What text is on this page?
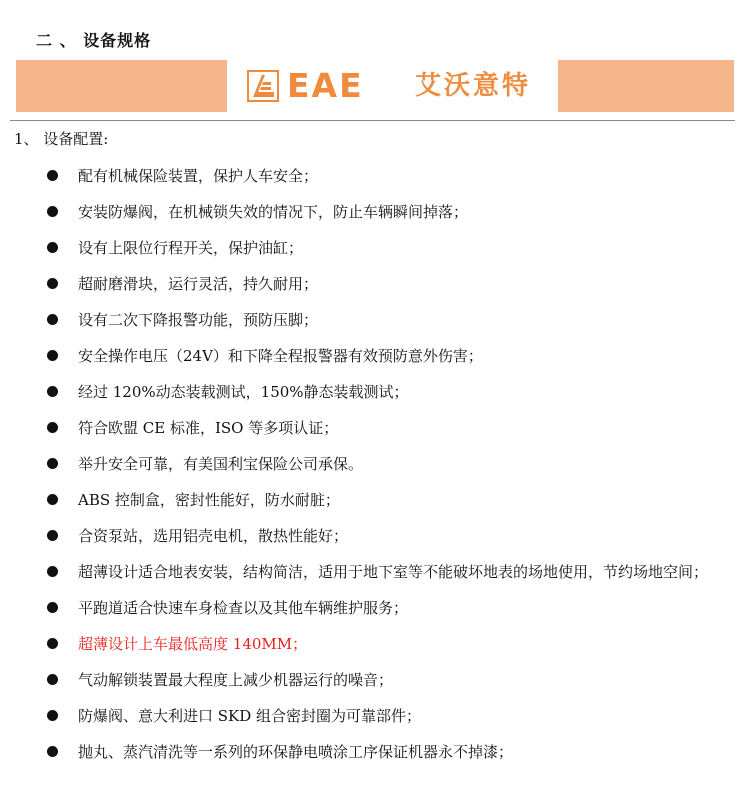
二 、 设备规格
EAE 艾沃意特
1、 设备配置:
配有机械保险装置，保护人车安全；
安装防爆阀，在机械锁失效的情况下，防止车辆瞬间掉落；
设有上限位行程开关，保护油缸；
超耐磨滑块，运行灵活，持久耐用；
设有二次下降报警功能，预防压脚；
安全操作电压（24V）和下降全程报警器有效预防意外伤害；
经过 120%动态装载测试，150%静态装载测试；
符合欧盟 CE 标准，ISO 等多项认证；
举升安全可靠，有美国利宝保险公司承保。
ABS 控制盒，密封性能好，防水耐脏；
合资泵站，选用铝壳电机，散热性能好；
超薄设计适合地表安装，结构简洁，适用于地下室等不能破坏地表的场地使用，节约场地空间；
平跑道适合快速车身检查以及其他车辆维护服务；
超薄设计上车最低高度 140MM；
气动解锁装置最大程度上减少机器运行的噪音；
防爆阀、意大利进口 SKD 组合密封圈为可靠部件；
抛丸、蒸汽清洗等一系列的环保静电喷涂工序保证机器永不掉漆；
